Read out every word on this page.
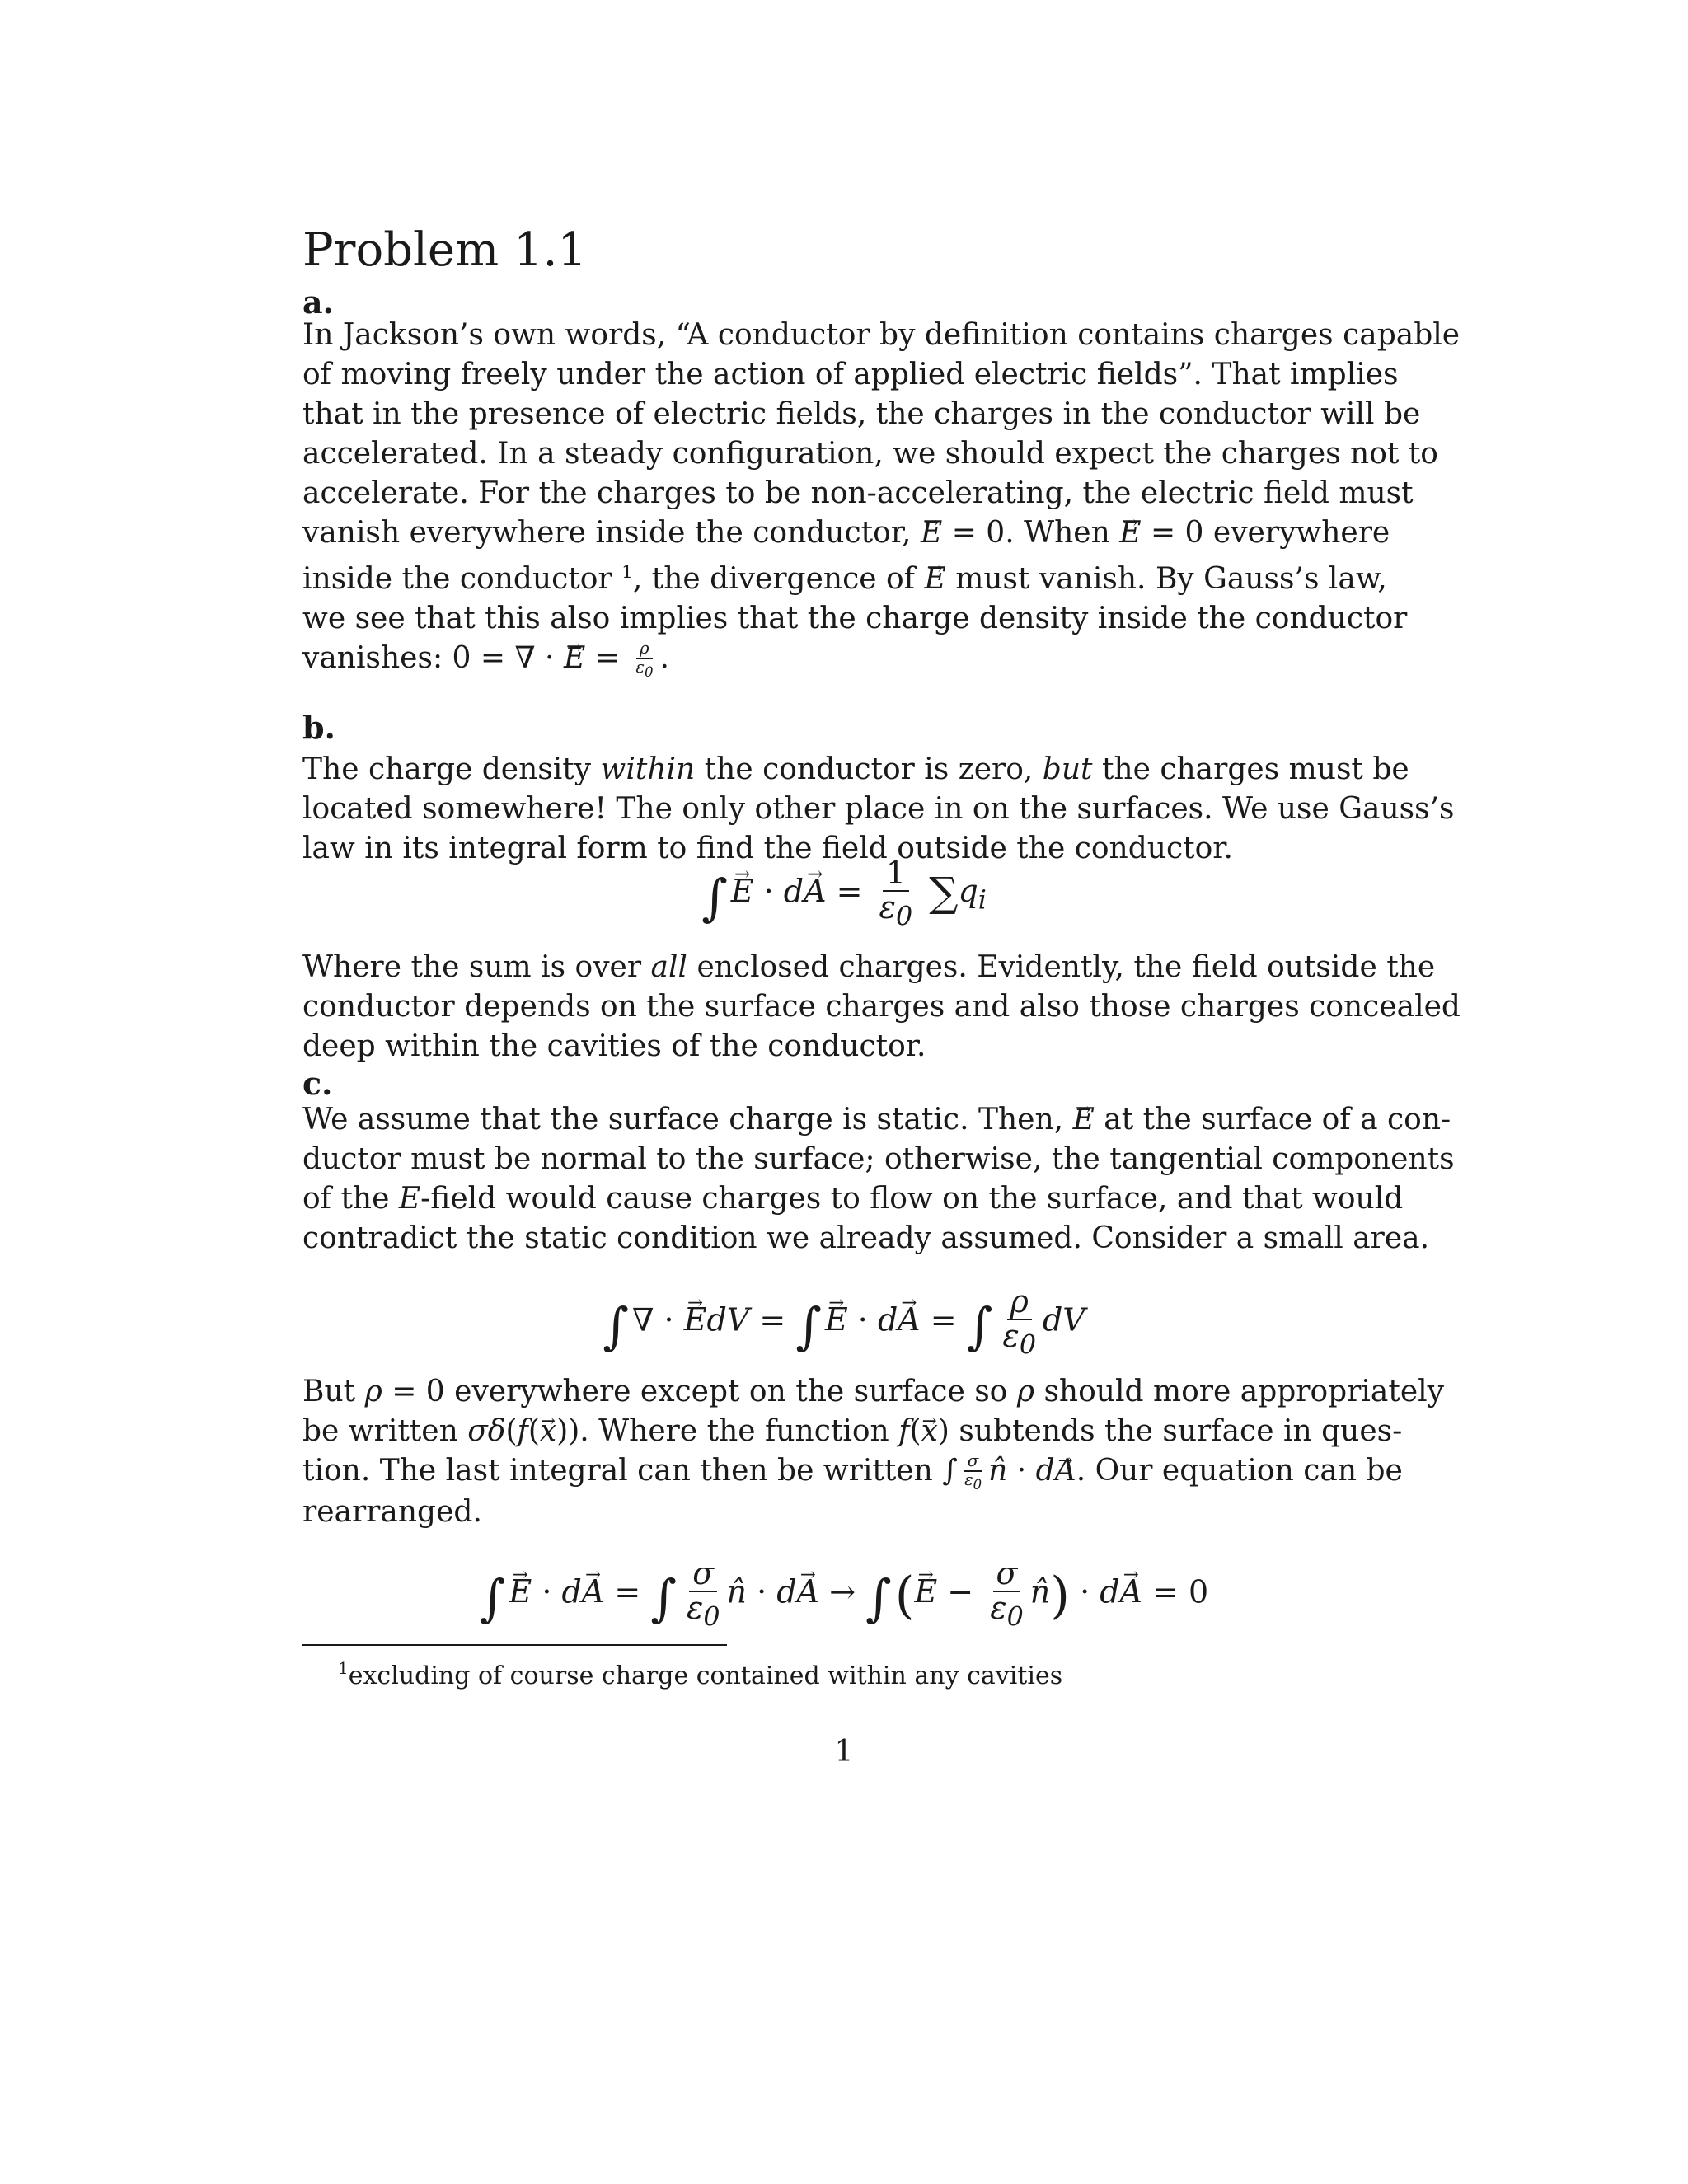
Problem 1.1
a.
In Jackson’s own words, “A conductor by definition contains charges capable
of moving freely under the action of applied electric fields”. That implies
that in the presence of electric fields, the charges in the conductor will be
accelerated. In a steady configuration, we should expect the charges not to
accelerate. For the charges to be non-accelerating, the electric field must
vanish everywhere inside the conductor, E → = 0. When E → = 0 everywhere
inside the conductor $^1$, the divergence of E → must vanish. By Gauss’s law,
we see that this also implies that the charge density inside the conductor
vanishes: 0 = ∇ · E → = $\frac{\rho}{\varepsilon_0}$ .
b.
The charge density within the conductor is zero, but the charges must be
located somewhere! The only other place in on the surfaces. We use Gauss’s
law in its integral form to find the field outside the conductor.
∫ E → · dA → = $\frac{1}{\varepsilon_0} \sum q_i$
Where the sum is over all enclosed charges. Evidently, the field outside the
conductor depends on the surface charges and also those charges concealed
deep within the cavities of the conductor.
c.
We assume that the surface charge is static. Then, E → at the surface of a con-
ductor must be normal to the surface; otherwise, the tangential components
of the E-field would cause charges to flow on the surface, and that would
contradict the static condition we already assumed. Consider a small area.
∫ ∇ · E →dV = ∫ E → · dA → = ∫ $\frac{\rho}{\varepsilon_0}$ dV
But ρ = 0 everywhere except on the surface so ρ should more appropriately
be written σδ(f(x →)). Where the function f(x →) subtends the surface in ques-
tion. The last integral can then be written ∫ $\frac{\sigma}{\varepsilon_0}$ n̂ · dA →. Our equation can be
rearranged.
∫ E → · dA → = ∫ $\frac{\sigma}{\varepsilon_0}$ n̂ · dA → → ∫(E → − $\frac{\sigma}{\varepsilon_0}$ n̂) · dA → = 0
$^1$excluding of course charge contained within any cavities
1
